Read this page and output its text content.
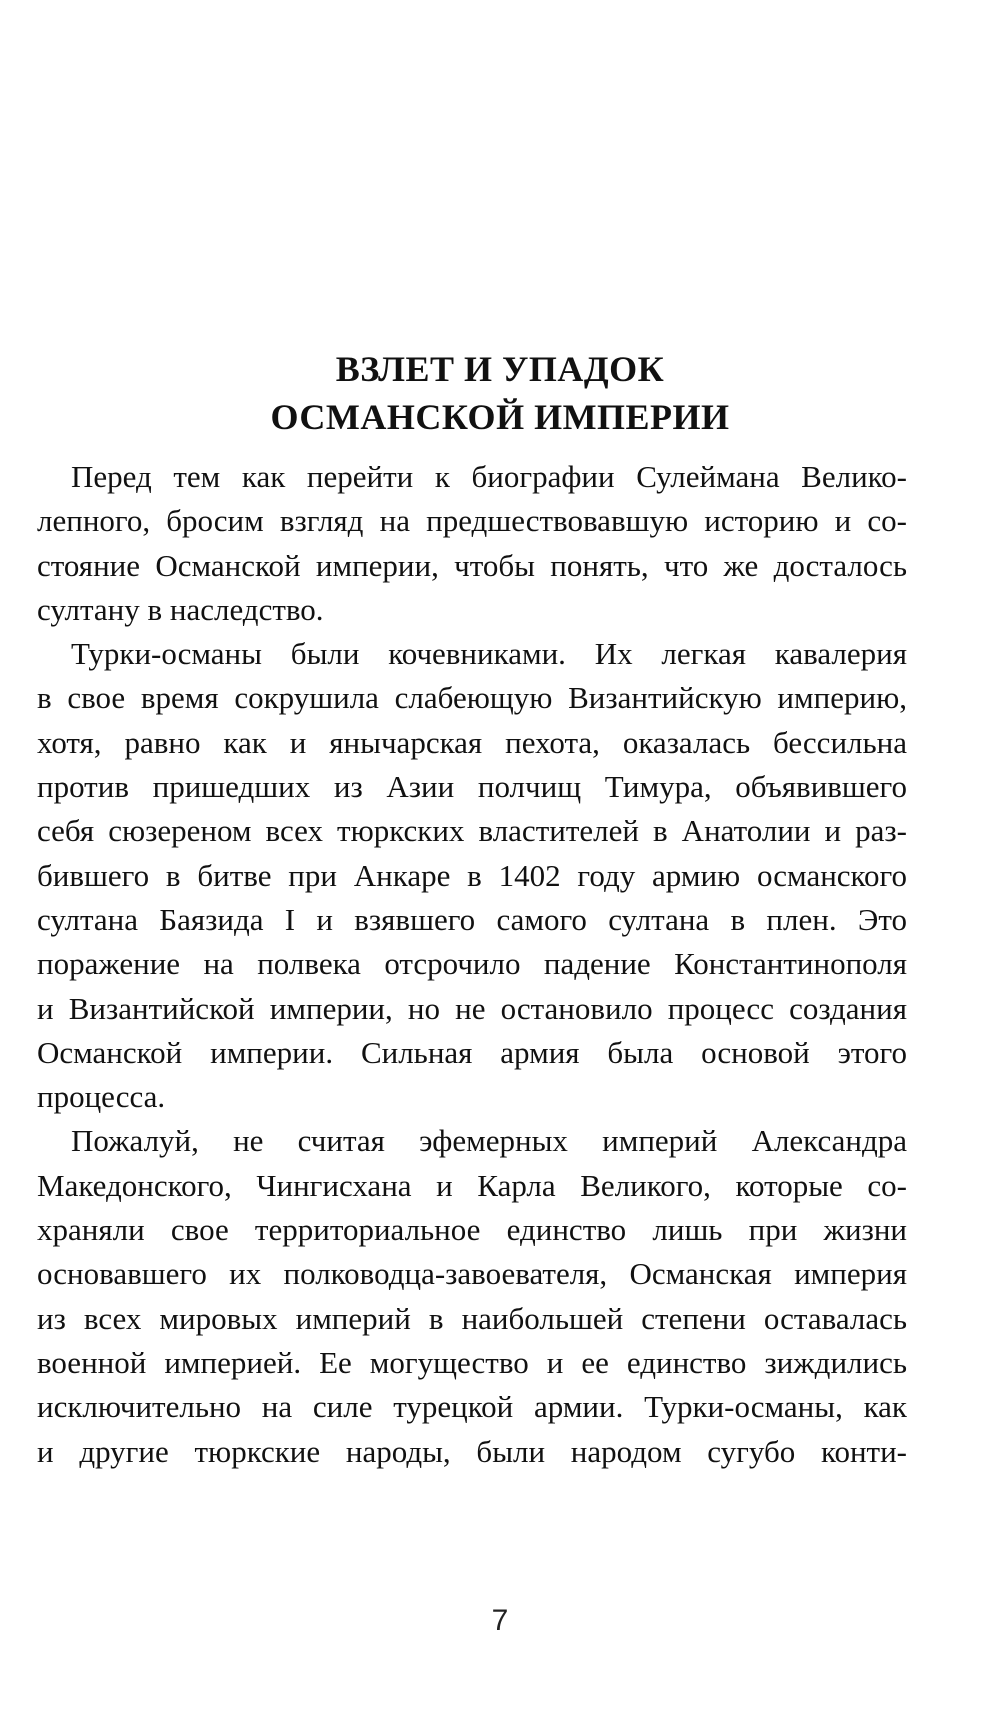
ВЗЛЕТ И УПАДОК
ОСМАНСКОЙ ИМПЕРИИ
Перед тем как перейти к биографии Сулеймана Велико-
лепного, бросим взгляд на предшествовавшую историю и со-
стояние Османской империи, чтобы понять, что же досталось
султану в наследство.
Турки-османы были кочевниками. Их легкая кавалерия
в свое время сокрушила слабеющую Византийскую империю,
хотя, равно как и янычарская пехота, оказалась бессильна
против пришедших из Азии полчищ Тимура, объявившего
себя сюзереном всех тюркских властителей в Анатолии и раз-
бившего в битве при Анкаре в 1402 году армию османского
султана Баязида I и взявшего самого султана в плен. Это
поражение на полвека отсрочило падение Константинополя
и Византийской империи, но не остановило процесс создания
Османской империи. Сильная армия была основой этого
процесса.
Пожалуй, не считая эфемерных империй Александра
Македонского, Чингисхана и Карла Великого, которые со-
храняли свое территориальное единство лишь при жизни
основавшего их полководца-завоевателя, Османская империя
из всех мировых империй в наибольшей степени оставалась
военной империей. Ее могущество и ее единство зиждились
исключительно на силе турецкой армии. Турки-османы, как
и другие тюркские народы, были народом сугубо конти-
7
